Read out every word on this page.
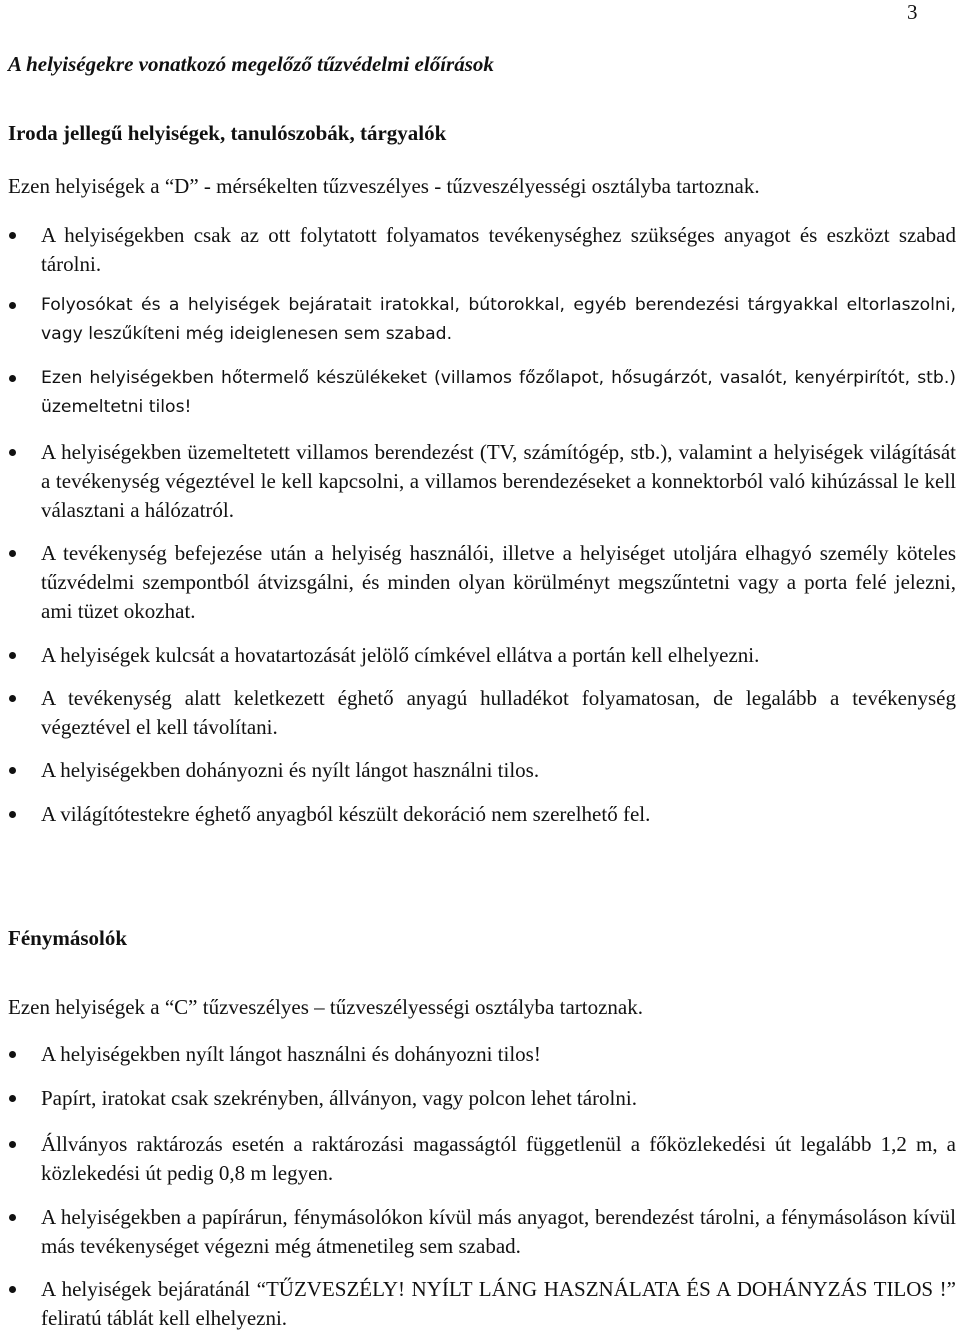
3
A helyiségekre vonatkozó megelőző tűzvédelmi előírások
Iroda jellegű helyiségek, tanulószobák, tárgyalók

Ezen helyiségek a “D” - mérsékelten tűzveszélyes - tűzveszélyességi osztályba tartoznak.

A helyiségekben csak az ott folytatott folyamatos tevékenységhez szükséges anyagot és eszközt szabad tárolni.
Folyosókat és a helyiségek bejáratait iratokkal, bútorokkal, egyéb berendezési tárgyakkal eltorlaszolni, vagy leszűkíteni még ideiglenesen sem szabad.
Ezen helyiségekben hőtermelő készülékeket (villamos főzőlapot, hősugárzót, vasalót, kenyérpirítót, stb.) üzemeltetni tilos!
A helyiségekben üzemeltetett villamos berendezést (TV, számítógép, stb.), valamint a helyiségek világítását a tevékenység végeztével le kell kapcsolni, a villamos berendezéseket a konnektorból való kihúzással le kell választani a hálózatról.
A tevékenység befejezése után a helyiség használói, illetve a helyiséget utoljára elhagyó személy köteles tűzvédelmi szempontból átvizsgálni, és minden olyan körülményt megszűntetni vagy a porta felé jelezni, ami tüzet okozhat.
A helyiségek kulcsát a hovatartozását jelölő címkével ellátva a portán kell elhelyezni.
A tevékenység alatt keletkezett éghető anyagú hulladékot folyamatosan, de legalább a tevékenység végeztével el kell távolítani.
A helyiségekben dohányozni és nyílt lángot használni tilos.
A világítótestekre éghető anyagból készült dekoráció nem szerelhető fel.
Fénymásolók

Ezen helyiségek a “C” tűzveszélyes – tűzveszélyességi osztályba tartoznak.

A helyiségekben nyílt lángot használni és dohányozni tilos!
Papírt, iratokat csak szekrényben, állványon, vagy polcon lehet tárolni.
Állványos raktározás esetén a raktározási magasságtól függetlenül a főközlekedési út legalább 1,2 m, a közlekedési út pedig 0,8 m legyen.
A helyiségekben a papírárun, fénymásolókon kívül más anyagot, berendezést tárolni, a fénymásoláson kívül más tevékenységet végezni még átmenetileg sem szabad.
A helyiségek bejáratánál “TŰZVESZÉLY! NYÍLT LÁNG HASZNÁLATA ÉS A DOHÁNYZÁS TILOS !” feliratú táblát kell elhelyezni.
